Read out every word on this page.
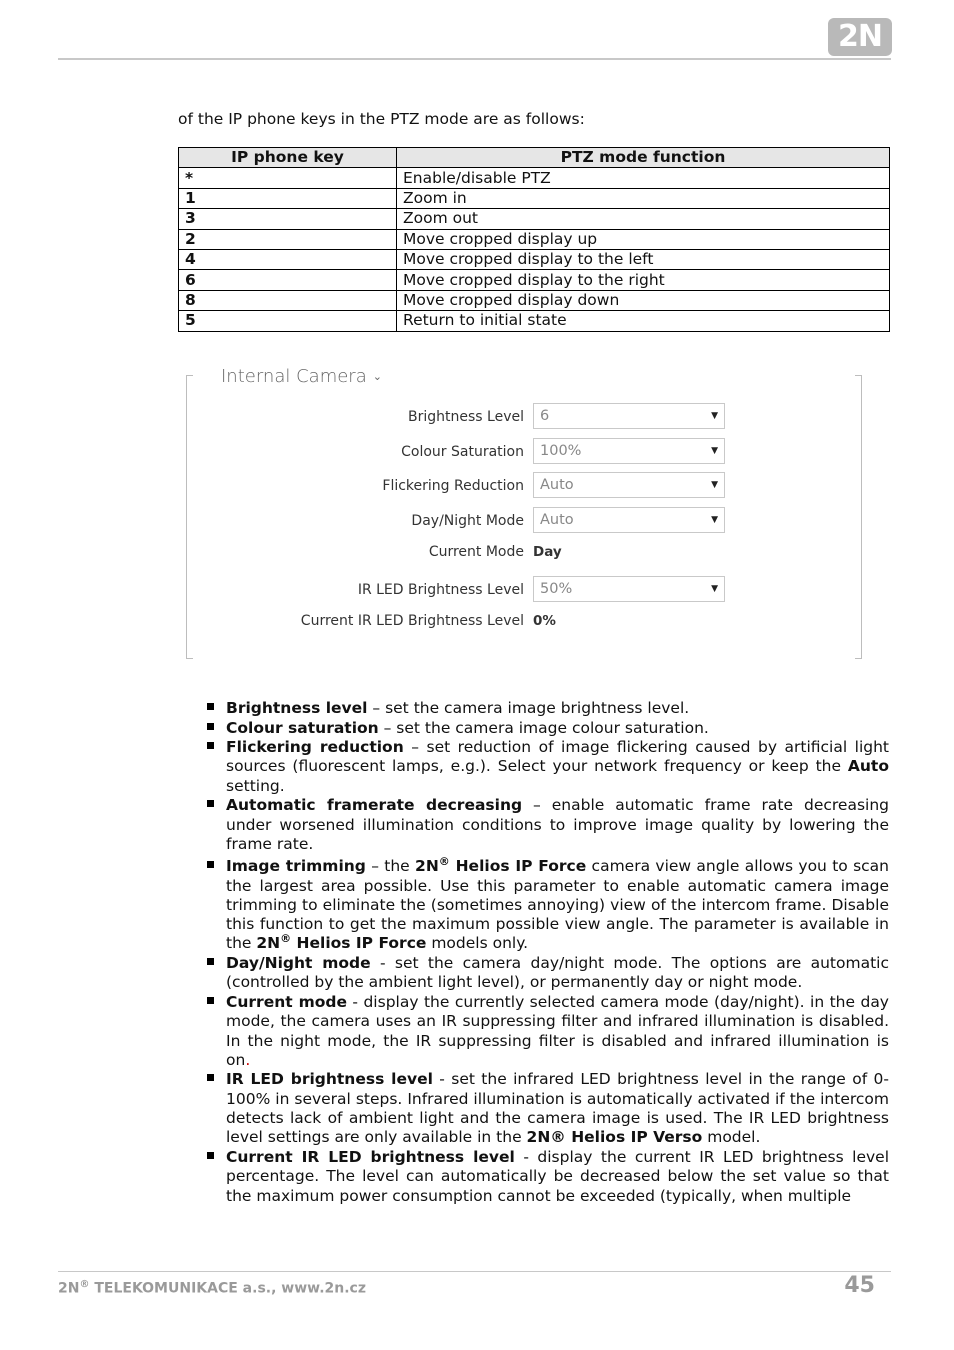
2N

of the IP phone keys in the PTZ mode are as follows:

IP phone key	PTZ mode function
*	Enable/disable PTZ
1	Zoom in
3	Zoom out
2	Move cropped display up
4	Move cropped display to the left
6	Move cropped display to the right
8	Move cropped display down
5	Return to initial state
Internal Camera ⌄
Brightness Level	6	▼
Colour Saturation	100%	▼
Flickering Reduction	Auto	▼
Day/Night Mode	Auto	▼
Current Mode Day
IR LED Brightness Level	50%	▼
Current IR LED Brightness Level 0%
Brightness level – set the camera image brightness level.
Colour saturation – set the camera image colour saturation.
Flickering reduction – set reduction of image flickering caused by artificial light sources (fluorescent lamps, e.g.). Select your network frequency or keep the Auto setting.
Automatic framerate decreasing – enable automatic frame rate decreasing under worsened illumination conditions to improve image quality by lowering the frame rate.
Image trimming – the 2N® Helios IP Force camera view angle allows you to scan the largest area possible. Use this parameter to enable automatic camera image trimming to eliminate the (sometimes annoying) view of the intercom frame. Disable this function to get the maximum possible view angle. The parameter is available in the 2N® Helios IP Force models only.
Day/Night mode - set the camera day/night mode. The options are automatic (controlled by the ambient light level), or permanently day or night mode.
Current mode - display the currently selected camera mode (day/night). in the day mode, the camera uses an IR suppressing filter and infrared illumination is disabled. In the night mode, the IR suppressing filter is disabled and infrared illumination is on.
IR LED brightness level - set the infrared LED brightness level in the range of 0-100% in several steps. Infrared illumination is automatically activated if the intercom detects lack of ambient light and the camera image is used. The IR LED brightness level settings are only available in the 2N® Helios IP Verso model.
Current IR LED brightness level - display the current IR LED brightness level percentage. The level can automatically be decreased below the set value so that the maximum power consumption cannot be exceeded (typically, when multiple
2N® TELEKOMUNIKACE a.s., www.2n.cz	45
